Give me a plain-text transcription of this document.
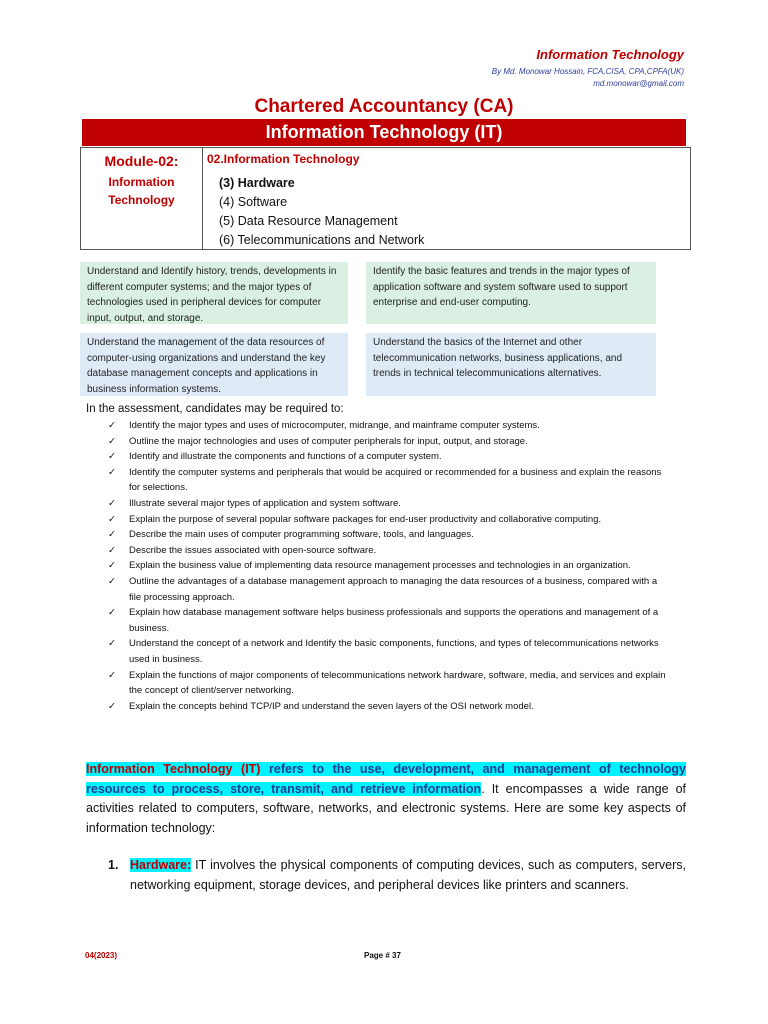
Information Technology
By Md. Monowar Hossain, FCA,CISA, CPA,CPFA(UK)
md.monowar@gmail.com
Chartered Accountancy (CA)
Information Technology (IT)
Module-02:
Information Technology
02.Information Technology
(3) Hardware
(4) Software
(5) Data Resource Management
(6) Telecommunications and Network
Understand and Identify history, trends, developments in different computer systems; and the major types of technologies used in peripheral devices for computer input, output, and storage.
Identify the basic features and trends in the major types of application software and system software used to support enterprise and end-user computing.
Understand the management of the data resources of computer-using organizations and understand the key database management concepts and applications in business information systems.
Understand the basics of the Internet and other telecommunication networks, business applications, and trends in technical telecommunications alternatives.
In the assessment, candidates may be required to:
✓ Identify the major types and uses of microcomputer, midrange, and mainframe computer systems.
✓ Outline the major technologies and uses of computer peripherals for input, output, and storage.
✓ Identify and illustrate the components and functions of a computer system.
✓ Identify the computer systems and peripherals that would be acquired or recommended for a business and explain the reasons for selections.
✓ Illustrate several major types of application and system software.
✓ Explain the purpose of several popular software packages for end-user productivity and collaborative computing.
✓ Describe the main uses of computer programming software, tools, and languages.
✓ Describe the issues associated with open-source software.
✓ Explain the business value of implementing data resource management processes and technologies in an organization.
✓ Outline the advantages of a database management approach to managing the data resources of a business, compared with a file processing approach.
✓ Explain how database management software helps business professionals and supports the operations and management of a business.
✓ Understand the concept of a network and Identify the basic components, functions, and types of telecommunications networks used in business.
✓ Explain the functions of major components of telecommunications network hardware, software, media, and services and explain the concept of client/server networking.
✓ Explain the concepts behind TCP/IP and understand the seven layers of the OSI network model.
Information Technology (IT) refers to the use, development, and management of technology resources to process, store, transmit, and retrieve information. It encompasses a wide range of activities related to computers, software, networks, and electronic systems. Here are some key aspects of information technology:
1. Hardware: IT involves the physical components of computing devices, such as computers, servers, networking equipment, storage devices, and peripheral devices like printers and scanners.
04(2023)	Page # 37
